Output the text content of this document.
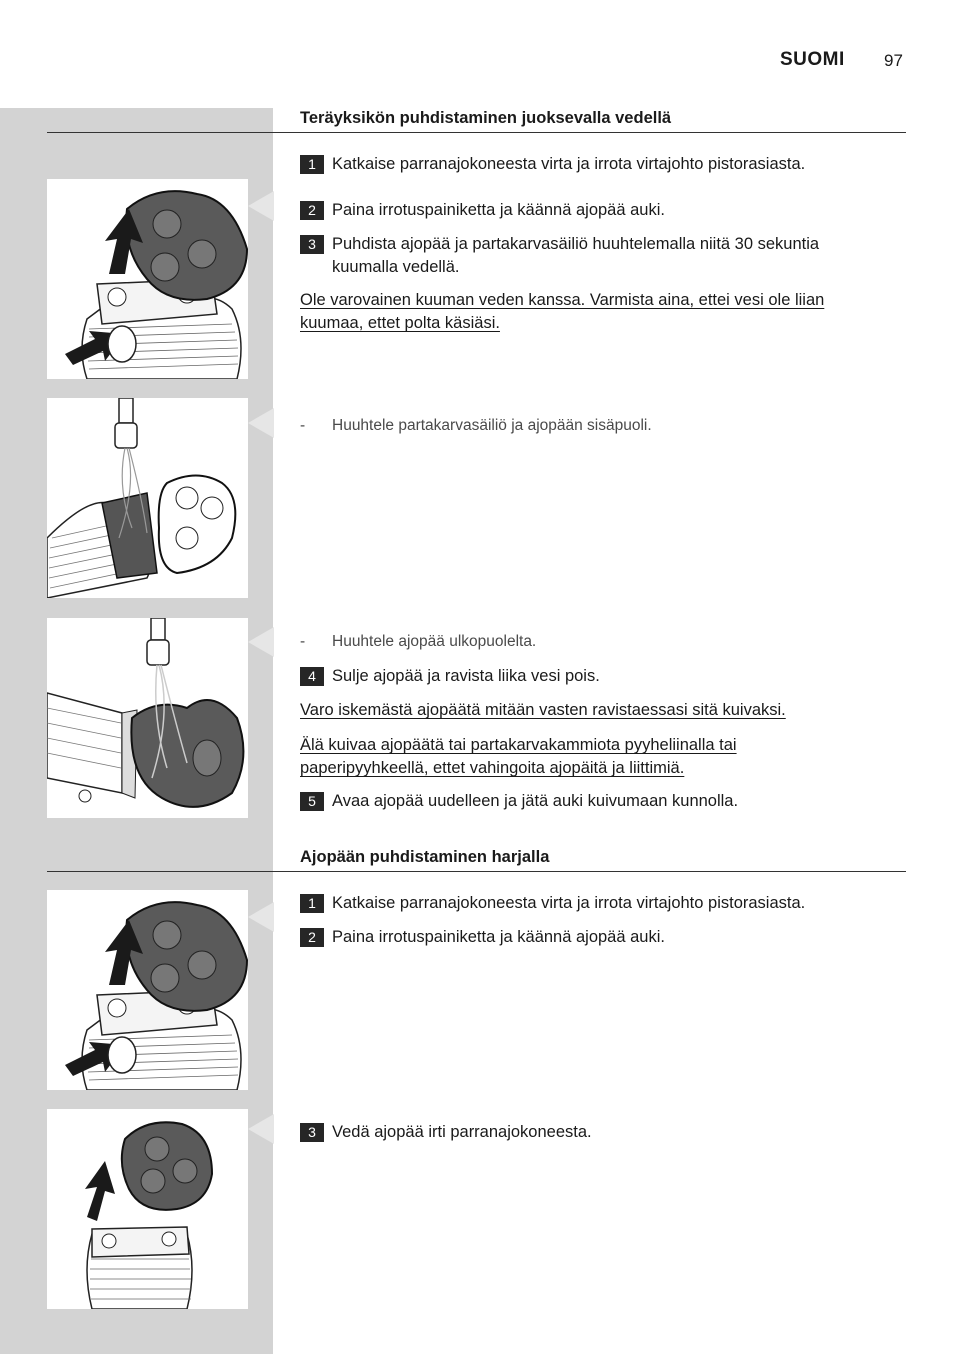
SUOMI 97
Teräyksikön puhdistaminen juoksevalla vedellä
1 Katkaise parranajokoneesta virta ja irrota virtajohto pistorasiasta.
2 Paina irrotuspainiketta ja käännä ajopää auki.
3 Puhdista ajopää ja partakarvasäiliö huuhtelemalla niitä 30 sekuntia kuumalla vedellä.
Ole varovainen kuuman veden kanssa. Varmista aina, ettei vesi ole liian kuumaa, ettet polta käsiäsi.
-	Huuhtele partakarvasäiliö ja ajopään sisäpuoli.
-	Huuhtele ajopää ulkopuolelta.
4 Sulje ajopää ja ravista liika vesi pois.
Varo iskemästä ajopäätä mitään vasten ravistaessasi sitä kuivaksi.
Älä kuivaa ajopäätä tai partakarvakammiota pyyheliinalla tai paperipyyhkeellä, ettet vahingoita ajopäitä ja liittimiä.
5 Avaa ajopää uudelleen ja jätä auki kuivumaan kunnolla.
Ajopään puhdistaminen harjalla
1 Katkaise parranajokoneesta virta ja irrota virtajohto pistorasiasta.
2 Paina irrotuspainiketta ja käännä ajopää auki.
3 Vedä ajopää irti parranajokoneesta.
